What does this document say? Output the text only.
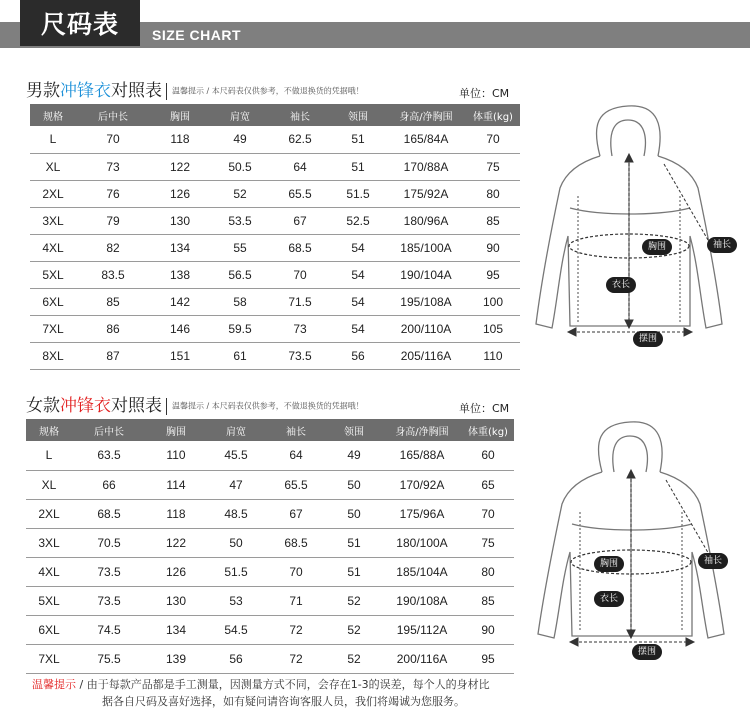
尺码表	SIZE CHART
男款冲锋衣对照表 温馨提示 / 本尺码表仅供参考，不做退换货的凭据哦！	单位：CM
规格	后中长	胸围	肩宽	袖长	领围	身高/净胸围	体重(kg)
L	70	118	49	62.5	51	165/84A	70
XL	73	122	50.5	64	51	170/88A	75
2XL	76	126	52	65.5	51.5	175/92A	80
3XL	79	130	53.5	67	52.5	180/96A	85
4XL	82	134	55	68.5	54	185/100A	90
5XL	83.5	138	56.5	70	54	190/104A	95
6XL	85	142	58	71.5	54	195/108A	100
7XL	86	146	59.5	73	54	200/110A	105
8XL	87	151	61	73.5	56	205/116A	110
胸围	袖长
衣长
摆围
女款冲锋衣对照表 温馨提示 / 本尺码表仅供参考，不做退换货的凭据哦！	单位：CM
规格	后中长	胸围	肩宽	袖长	领围	身高/净胸围	体重(kg)
L	63.5	110	45.5	64	49	165/88A	60
XL	66	114	47	65.5	50	170/92A	65
2XL	68.5	118	48.5	67	50	175/96A	70
3XL	70.5	122	50	68.5	51	180/100A	75
4XL	73.5	126	51.5	70	51	185/104A	80
5XL	73.5	130	53	71	52	190/108A	85
6XL	74.5	134	54.5	72	52	195/112A	90
7XL	75.5	139	56	72	52	200/116A	95
胸围	袖长
衣长
摆围
温馨提示 / 由于每款产品都是手工测量，因测量方式不同，会存在1-3的误差，每个人的身材比
据各自尺码及喜好选择，如有疑问请咨询客服人员，我们将竭诚为您服务。
